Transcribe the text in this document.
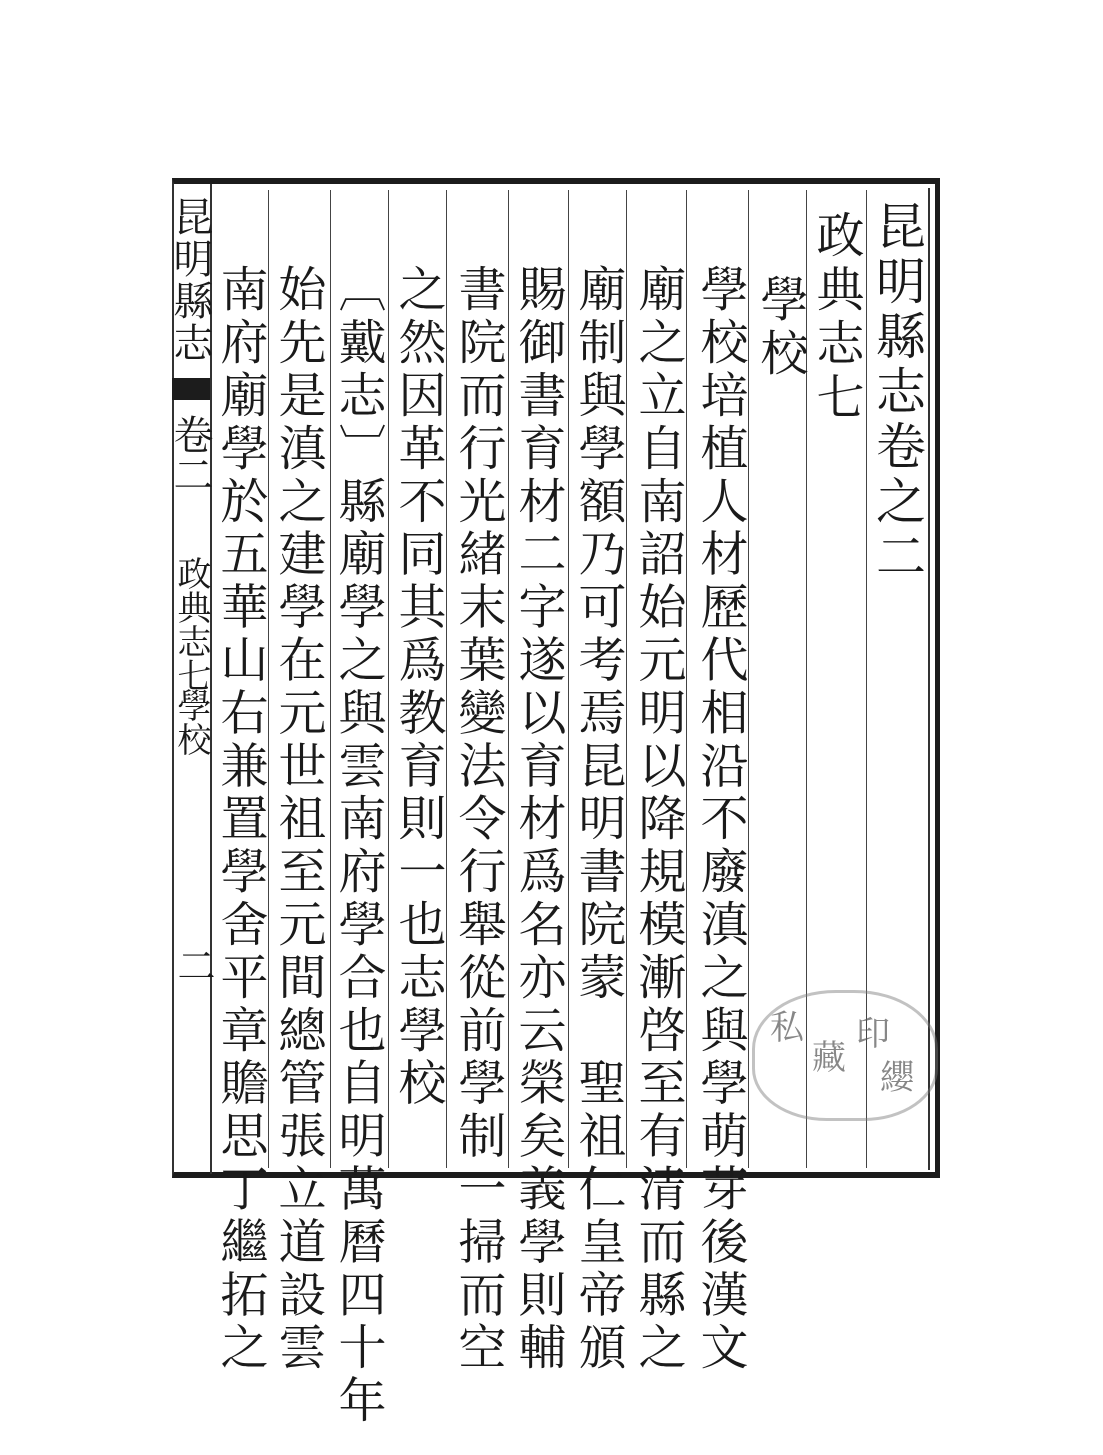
昆明縣志
卷二
政典志七
學校
二
昆明縣志卷之二
政典志七
學校
學校培植人材歷代相沿不廢滇之與學萌芽後漢文
廟之立自南詔始元明以降規模漸啓至有清而縣之
廟制與學額乃可考焉昆明書院蒙　聖祖仁皇帝頒
賜御書育材二字遂以育材爲名亦云榮矣義學則輔
書院而行光緒末葉變法令行舉從前學制一掃而空
之然因革不同其爲教育則一也志學校
〔戴志〕縣廟學之與雲南府學合也自明萬曆四十年
始先是滇之建學在元世祖至元間總管張立道設雲
南府廟學於五華山右兼置學舍平章贍思丁繼拓之	私
藏
印
纓
